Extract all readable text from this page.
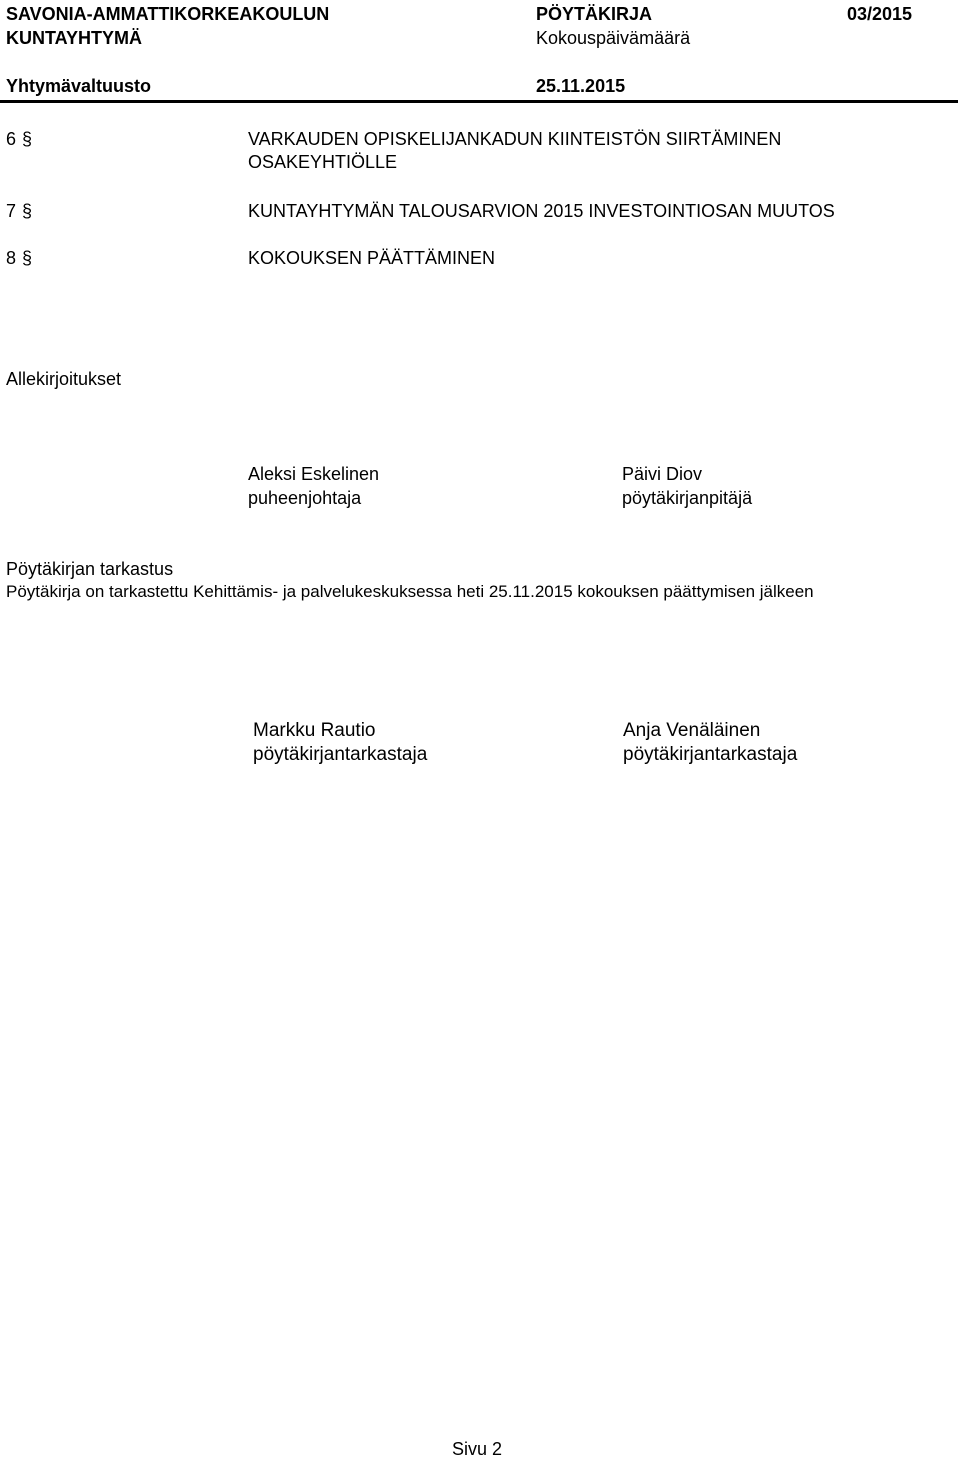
SAVONIA-AMMATTIKORKEAKOULUN
KUNTAYHTYMÄ
PÖYTÄKIRJA	03/2015
Kokouspäivämäärä
Yhtymävaltuusto	25.11.2015
6 §	VARKAUDEN OPISKELIJANKADUN KIINTEISTÖN SIIRTÄMINEN
OSAKEYHTIÖLLE
7 §	KUNTAYHTYMÄN TALOUSARVION 2015 INVESTOINTIOSAN MUUTOS
8 §	KOKOUKSEN PÄÄTTÄMINEN
Allekirjoitukset
Aleksi Eskelinen
puheenjohtaja
Päivi Diov
pöytäkirjanpitäjä
Pöytäkirjan tarkastus
Pöytäkirja on tarkastettu Kehittämis- ja palvelukeskuksessa heti 25.11.2015 kokouksen päättymisen jälkeen
Markku Rautio
pöytäkirjantarkastaja
Anja Venäläinen
pöytäkirjantarkastaja
Sivu 2
